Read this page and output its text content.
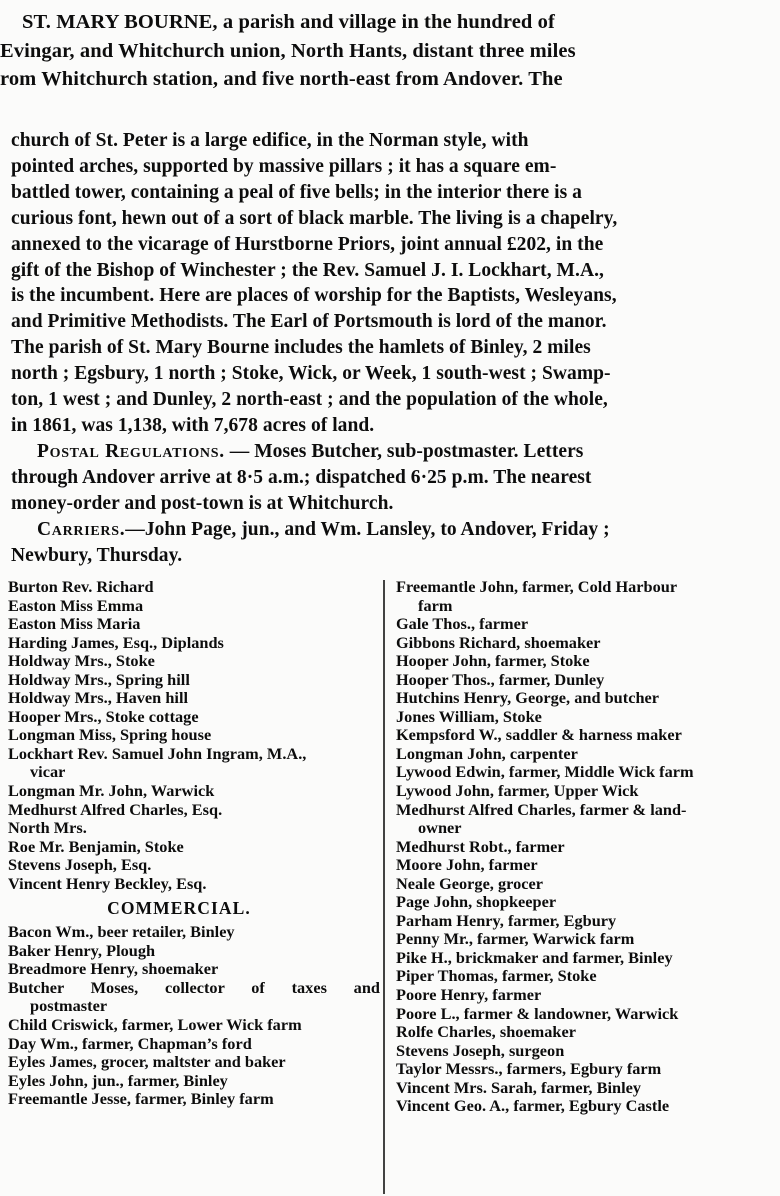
ST. MARY BOURNE, a parish and village in the hundred of
Evingar, and Whitchurch union, North Hants, distant three miles
rom Whitchurch station, and five north-east from Andover. The
church of St. Peter is a large edifice, in the Norman style, with
pointed arches, supported by massive pillars ; it has a square em-
battled tower, containing a peal of five bells; in the interior there is a
curious font, hewn out of a sort of black marble. The living is a chapelry,
annexed to the vicarage of Hurstborne Priors, joint annual £202, in the
gift of the Bishop of Winchester ; the Rev. Samuel J. I. Lockhart, M.A.,
is the incumbent. Here are places of worship for the Baptists, Wesleyans,
and Primitive Methodists. The Earl of Portsmouth is lord of the manor.
The parish of St. Mary Bourne includes the hamlets of Binley, 2 miles
north ; Egsbury, 1 north ; Stoke, Wick, or Week, 1 south-west ; Swamp-
ton, 1 west ; and Dunley, 2 north-east ; and the population of the whole,
in 1861, was 1,138, with 7,678 acres of land.
Postal Regulations. — Moses Butcher, sub-postmaster. Letters
through Andover arrive at 8·5 a.m.; dispatched 6·25 p.m. The nearest
money-order and post-town is at Whitchurch.
Carriers.—John Page, jun., and Wm. Lansley, to Andover, Friday ;
Newbury, Thursday.
Burton Rev. Richard
Easton Miss Emma
Easton Miss Maria
Harding James, Esq., Diplands
Holdway Mrs., Stoke
Holdway Mrs., Spring hill
Holdway Mrs., Haven hill
Hooper Mrs., Stoke cottage
Longman Miss, Spring house
Lockhart Rev. Samuel John Ingram, M.A.,
vicar
Longman Mr. John, Warwick
Medhurst Alfred Charles, Esq.
North Mrs.
Roe Mr. Benjamin, Stoke
Stevens Joseph, Esq.
Vincent Henry Beckley, Esq.
COMMERCIAL.
Bacon Wm., beer retailer, Binley
Baker Henry, Plough
Breadmore Henry, shoemaker
Butcher Moses, collector of taxes and
postmaster
Child Criswick, farmer, Lower Wick farm
Day Wm., farmer, Chapman’s ford
Eyles James, grocer, maltster and baker
Eyles John, jun., farmer, Binley
Freemantle Jesse, farmer, Binley farm
Freemantle John, farmer, Cold Harbour
farm
Gale Thos., farmer
Gibbons Richard, shoemaker
Hooper John, farmer, Stoke
Hooper Thos., farmer, Dunley
Hutchins Henry, George, and butcher
Jones William, Stoke
Kempsford W., saddler & harness maker
Longman John, carpenter
Lywood Edwin, farmer, Middle Wick farm
Lywood John, farmer, Upper Wick
Medhurst Alfred Charles, farmer & land-
owner
Medhurst Robt., farmer
Moore John, farmer
Neale George, grocer
Page John, shopkeeper
Parham Henry, farmer, Egbury
Penny Mr., farmer, Warwick farm
Pike H., brickmaker and farmer, Binley
Piper Thomas, farmer, Stoke
Poore Henry, farmer
Poore L., farmer & landowner, Warwick
Rolfe Charles, shoemaker
Stevens Joseph, surgeon
Taylor Messrs., farmers, Egbury farm
Vincent Mrs. Sarah, farmer, Binley
Vincent Geo. A., farmer, Egbury Castle
